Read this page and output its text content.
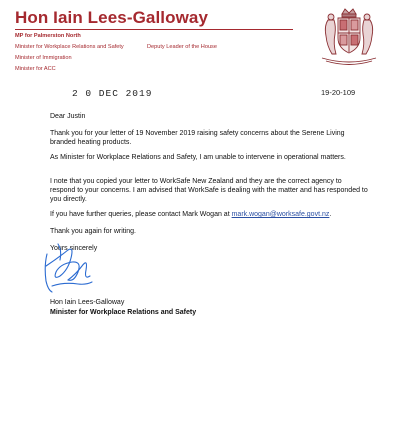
Hon Iain Lees-Galloway
MP for Palmerston North
Minister for Workplace Relations and Safety	Deputy Leader of the House
Minister of Immigration
Minister for ACC
2 0 DEC 2019	19-20-109
Dear Justin
Thank you for your letter of 19 November 2019 raising safety concerns about the Serene Living branded heating products.
As Minister for Workplace Relations and Safety, I am unable to intervene in operational matters.
I note that you copied your letter to WorkSafe New Zealand and they are the correct agency to respond to your concerns. I am advised that WorkSafe is dealing with the matter and has responded to you directly.
If you have further queries, please contact Mark Wogan at mark.wogan@worksafe.govt.nz.
Thank you again for writing.
Yours sincerely
Hon Iain Lees-Galloway
Minister for Workplace Relations and Safety
